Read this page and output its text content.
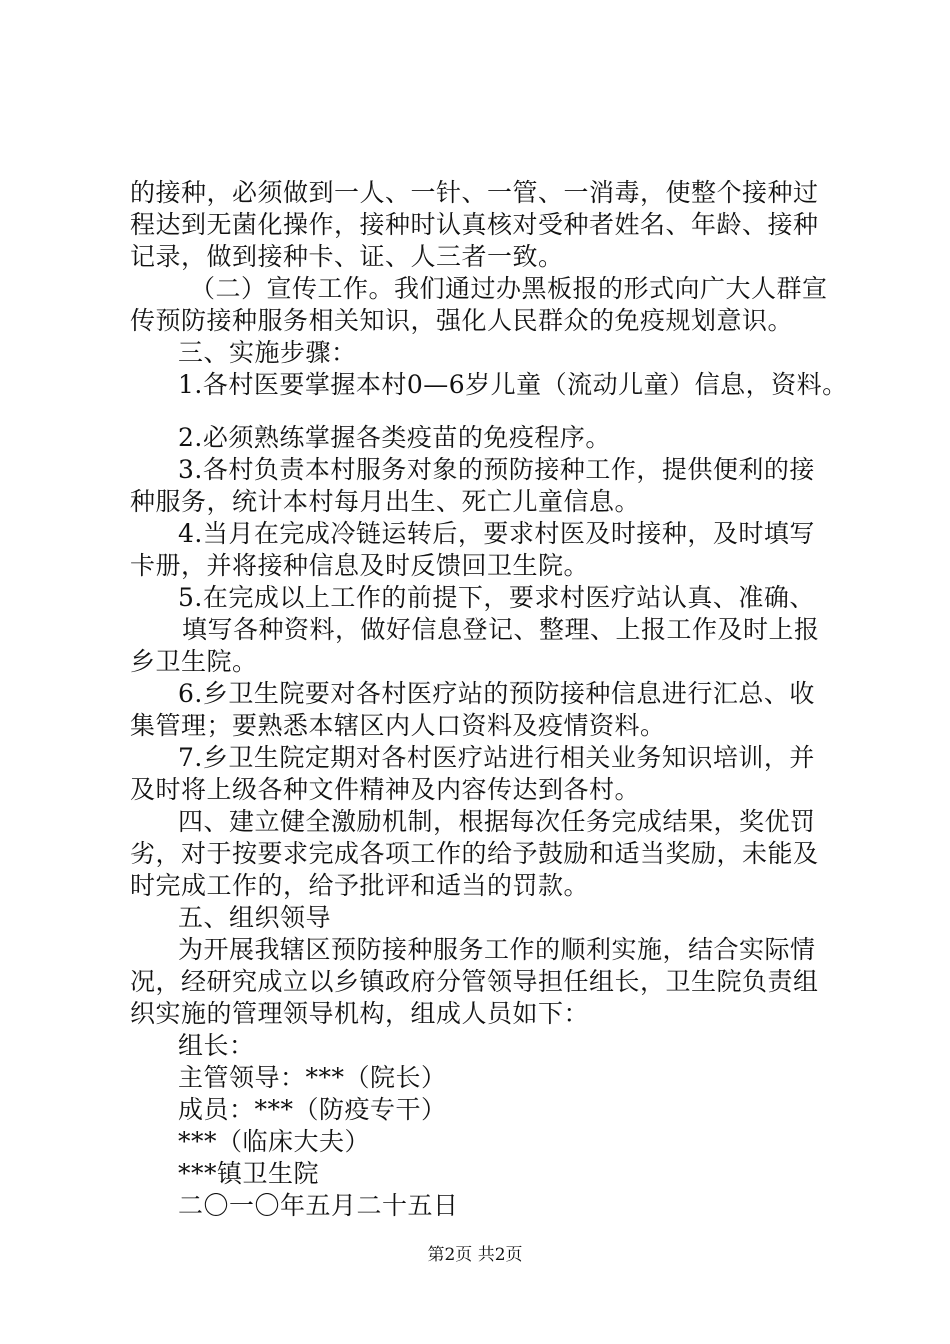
的接种，必须做到一人、一针、一管、一消毒，使整个接种过
程达到无菌化操作，接种时认真核对受种者姓名、年龄、接种
记录，做到接种卡、证、人三者一致。
（二）宣传工作。我们通过办黑板报的形式向广大人群宣
传预防接种服务相关知识，强化人民群众的免疫规划意识。
三、实施步骤：
1.各村医要掌握本村0—6岁儿童（流动儿童）信息，资料。
2.必须熟练掌握各类疫苗的免疫程序。
3.各村负责本村服务对象的预防接种工作，提供便利的接
种服务，统计本村每月出生、死亡儿童信息。
4.当月在完成冷链运转后，要求村医及时接种，及时填写
卡册，并将接种信息及时反馈回卫生院。
5.在完成以上工作的前提下，要求村医疗站认真、准确、
填写各种资料，做好信息登记、整理、上报工作及时上报
乡卫生院。
6.乡卫生院要对各村医疗站的预防接种信息进行汇总、收
集管理；要熟悉本辖区内人口资料及疫情资料。
7.乡卫生院定期对各村医疗站进行相关业务知识培训，并
及时将上级各种文件精神及内容传达到各村。
四、建立健全激励机制，根据每次任务完成结果，奖优罚
劣，对于按要求完成各项工作的给予鼓励和适当奖励，未能及
时完成工作的，给予批评和适当的罚款。
五、组织领导
为开展我辖区预防接种服务工作的顺利实施，结合实际情
况，经研究成立以乡镇政府分管领导担任组长，卫生院负责组
织实施的管理领导机构，组成人员如下：
组长：
主管领导：***（院长）
成员：***（防疫专干）
***（临床大夫）
***镇卫生院
二〇一〇年五月二十五日
第2页 共2页
